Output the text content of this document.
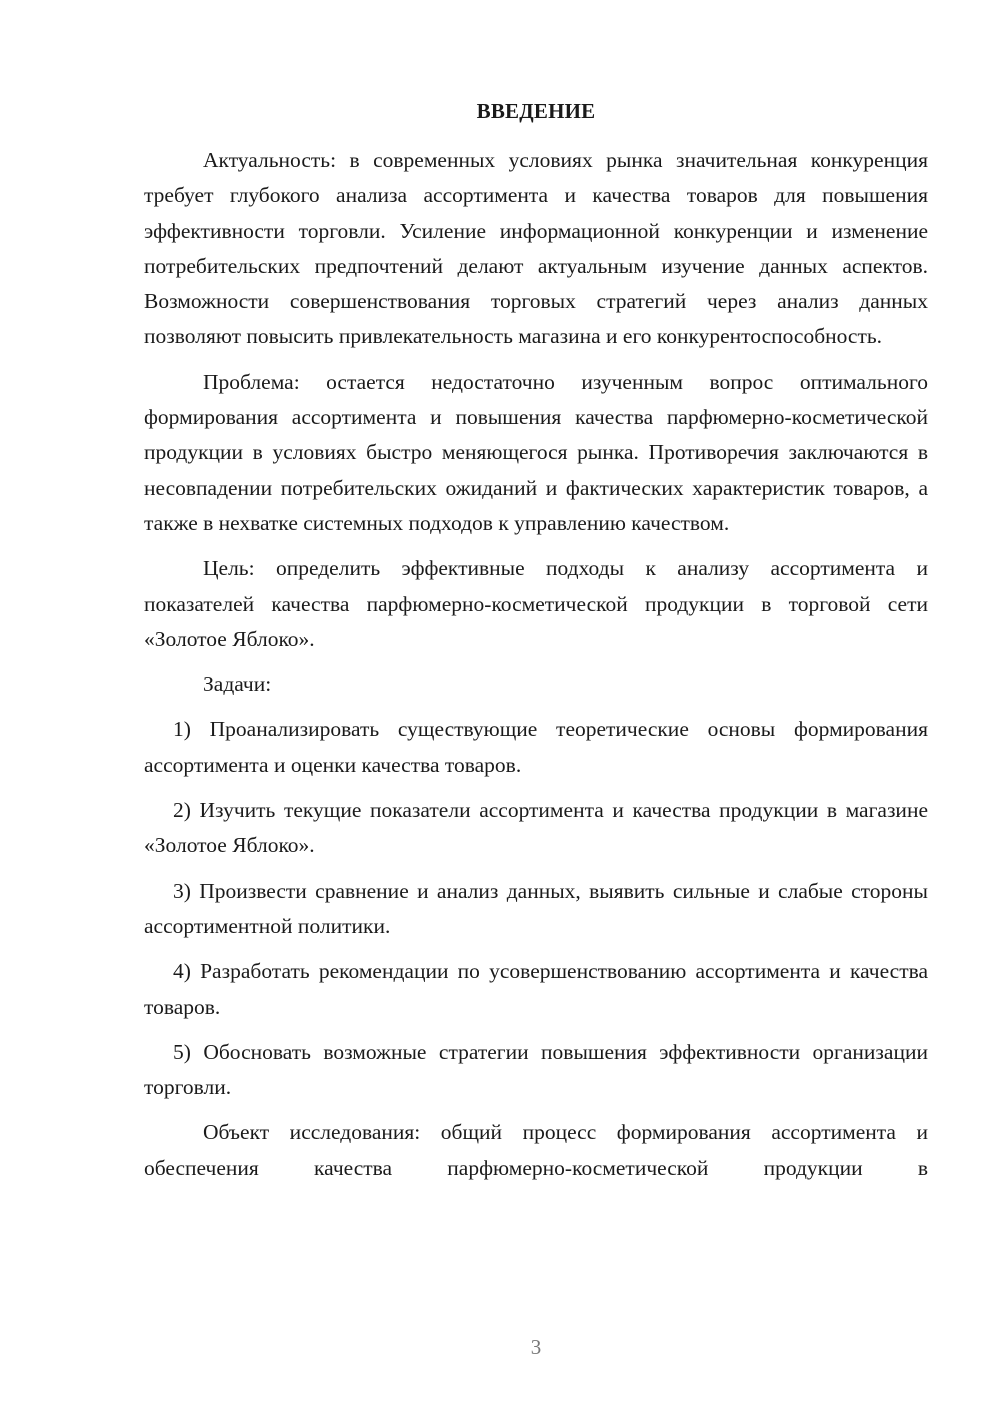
ВВЕДЕНИЕ

Актуальность: в современных условиях рынка значительная конкуренция требует глубокого анализа ассортимента и качества товаров для повышения эффективности торговли. Усиление информационной конкуренции и изменение потребительских предпочтений делают актуальным изучение данных аспектов. Возможности совершенствования торговых стратегий через анализ данных позволяют повысить привлекательность магазина и его конкурентоспособность.

Проблема: остается недостаточно изученным вопрос оптимального формирования ассортимента и повышения качества парфюмерно-косметической продукции в условиях быстро меняющегося рынка. Противоречия заключаются в несовпадении потребительских ожиданий и фактических характеристик товаров, а также в нехватке системных подходов к управлению качеством.

Цель: определить эффективные подходы к анализу ассортимента и показателей качества парфюмерно-косметической продукции в торговой сети «Золотое Яблоко».

Задачи:

1) Проанализировать существующие теоретические основы формирования ассортимента и оценки качества товаров.

2) Изучить текущие показатели ассортимента и качества продукции в магазине «Золотое Яблоко».

3) Произвести сравнение и анализ данных, выявить сильные и слабые стороны ассортиментной политики.

4) Разработать рекомендации по усовершенствованию ассортимента и качества товаров.

5) Обосновать возможные стратегии повышения эффективности организации торговли.

Объект исследования: общий процесс формирования ассортимента и обеспечения качества парфюмерно-косметической продукции в

3
